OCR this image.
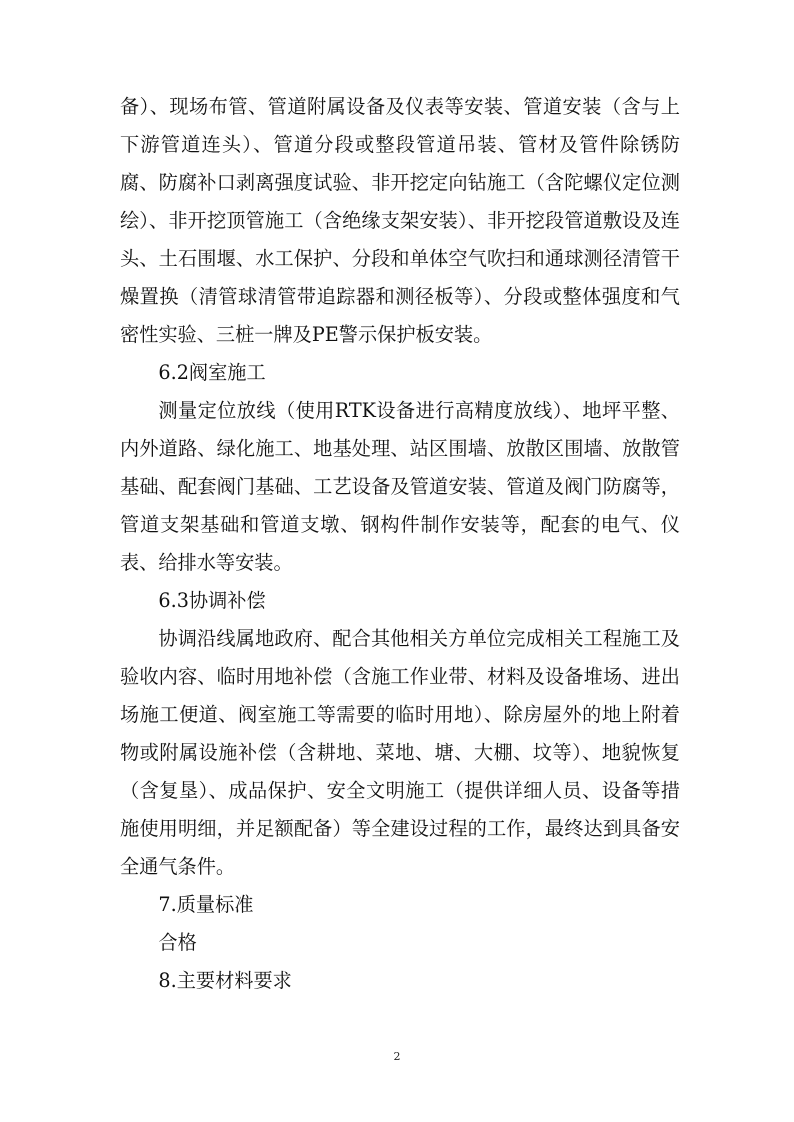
备）、现场布管、管道附属设备及仪表等安装、管道安装（含与上下游管道连头）、管道分段或整段管道吊装、管材及管件除锈防腐、防腐补口剥离强度试验、非开挖定向钻施工（含陀螺仪定位测绘）、非开挖顶管施工（含绝缘支架安装）、非开挖段管道敷设及连头、土石围堰、水工保护、分段和单体空气吹扫和通球测径清管干燥置换（清管球清管带追踪器和测径板等）、分段或整体强度和气密性实验、三桩一牌及PE警示保护板安装。

6.2阀室施工

测量定位放线（使用RTK设备进行高精度放线）、地坪平整、内外道路、绿化施工、地基处理、站区围墙、放散区围墙、放散管基础、配套阀门基础、工艺设备及管道安装、管道及阀门防腐等，管道支架基础和管道支墩、钢构件制作安装等，配套的电气、仪表、给排水等安装。

6.3协调补偿

协调沿线属地政府、配合其他相关方单位完成相关工程施工及验收内容、临时用地补偿（含施工作业带、材料及设备堆场、进出场施工便道、阀室施工等需要的临时用地）、除房屋外的地上附着物或附属设施补偿（含耕地、菜地、塘、大棚、坟等）、地貌恢复（含复垦）、成品保护、安全文明施工（提供详细人员、设备等措施使用明细，并足额配备）等全建设过程的工作，最终达到具备安全通气条件。

7.质量标准

合格

8.主要材料要求

2
